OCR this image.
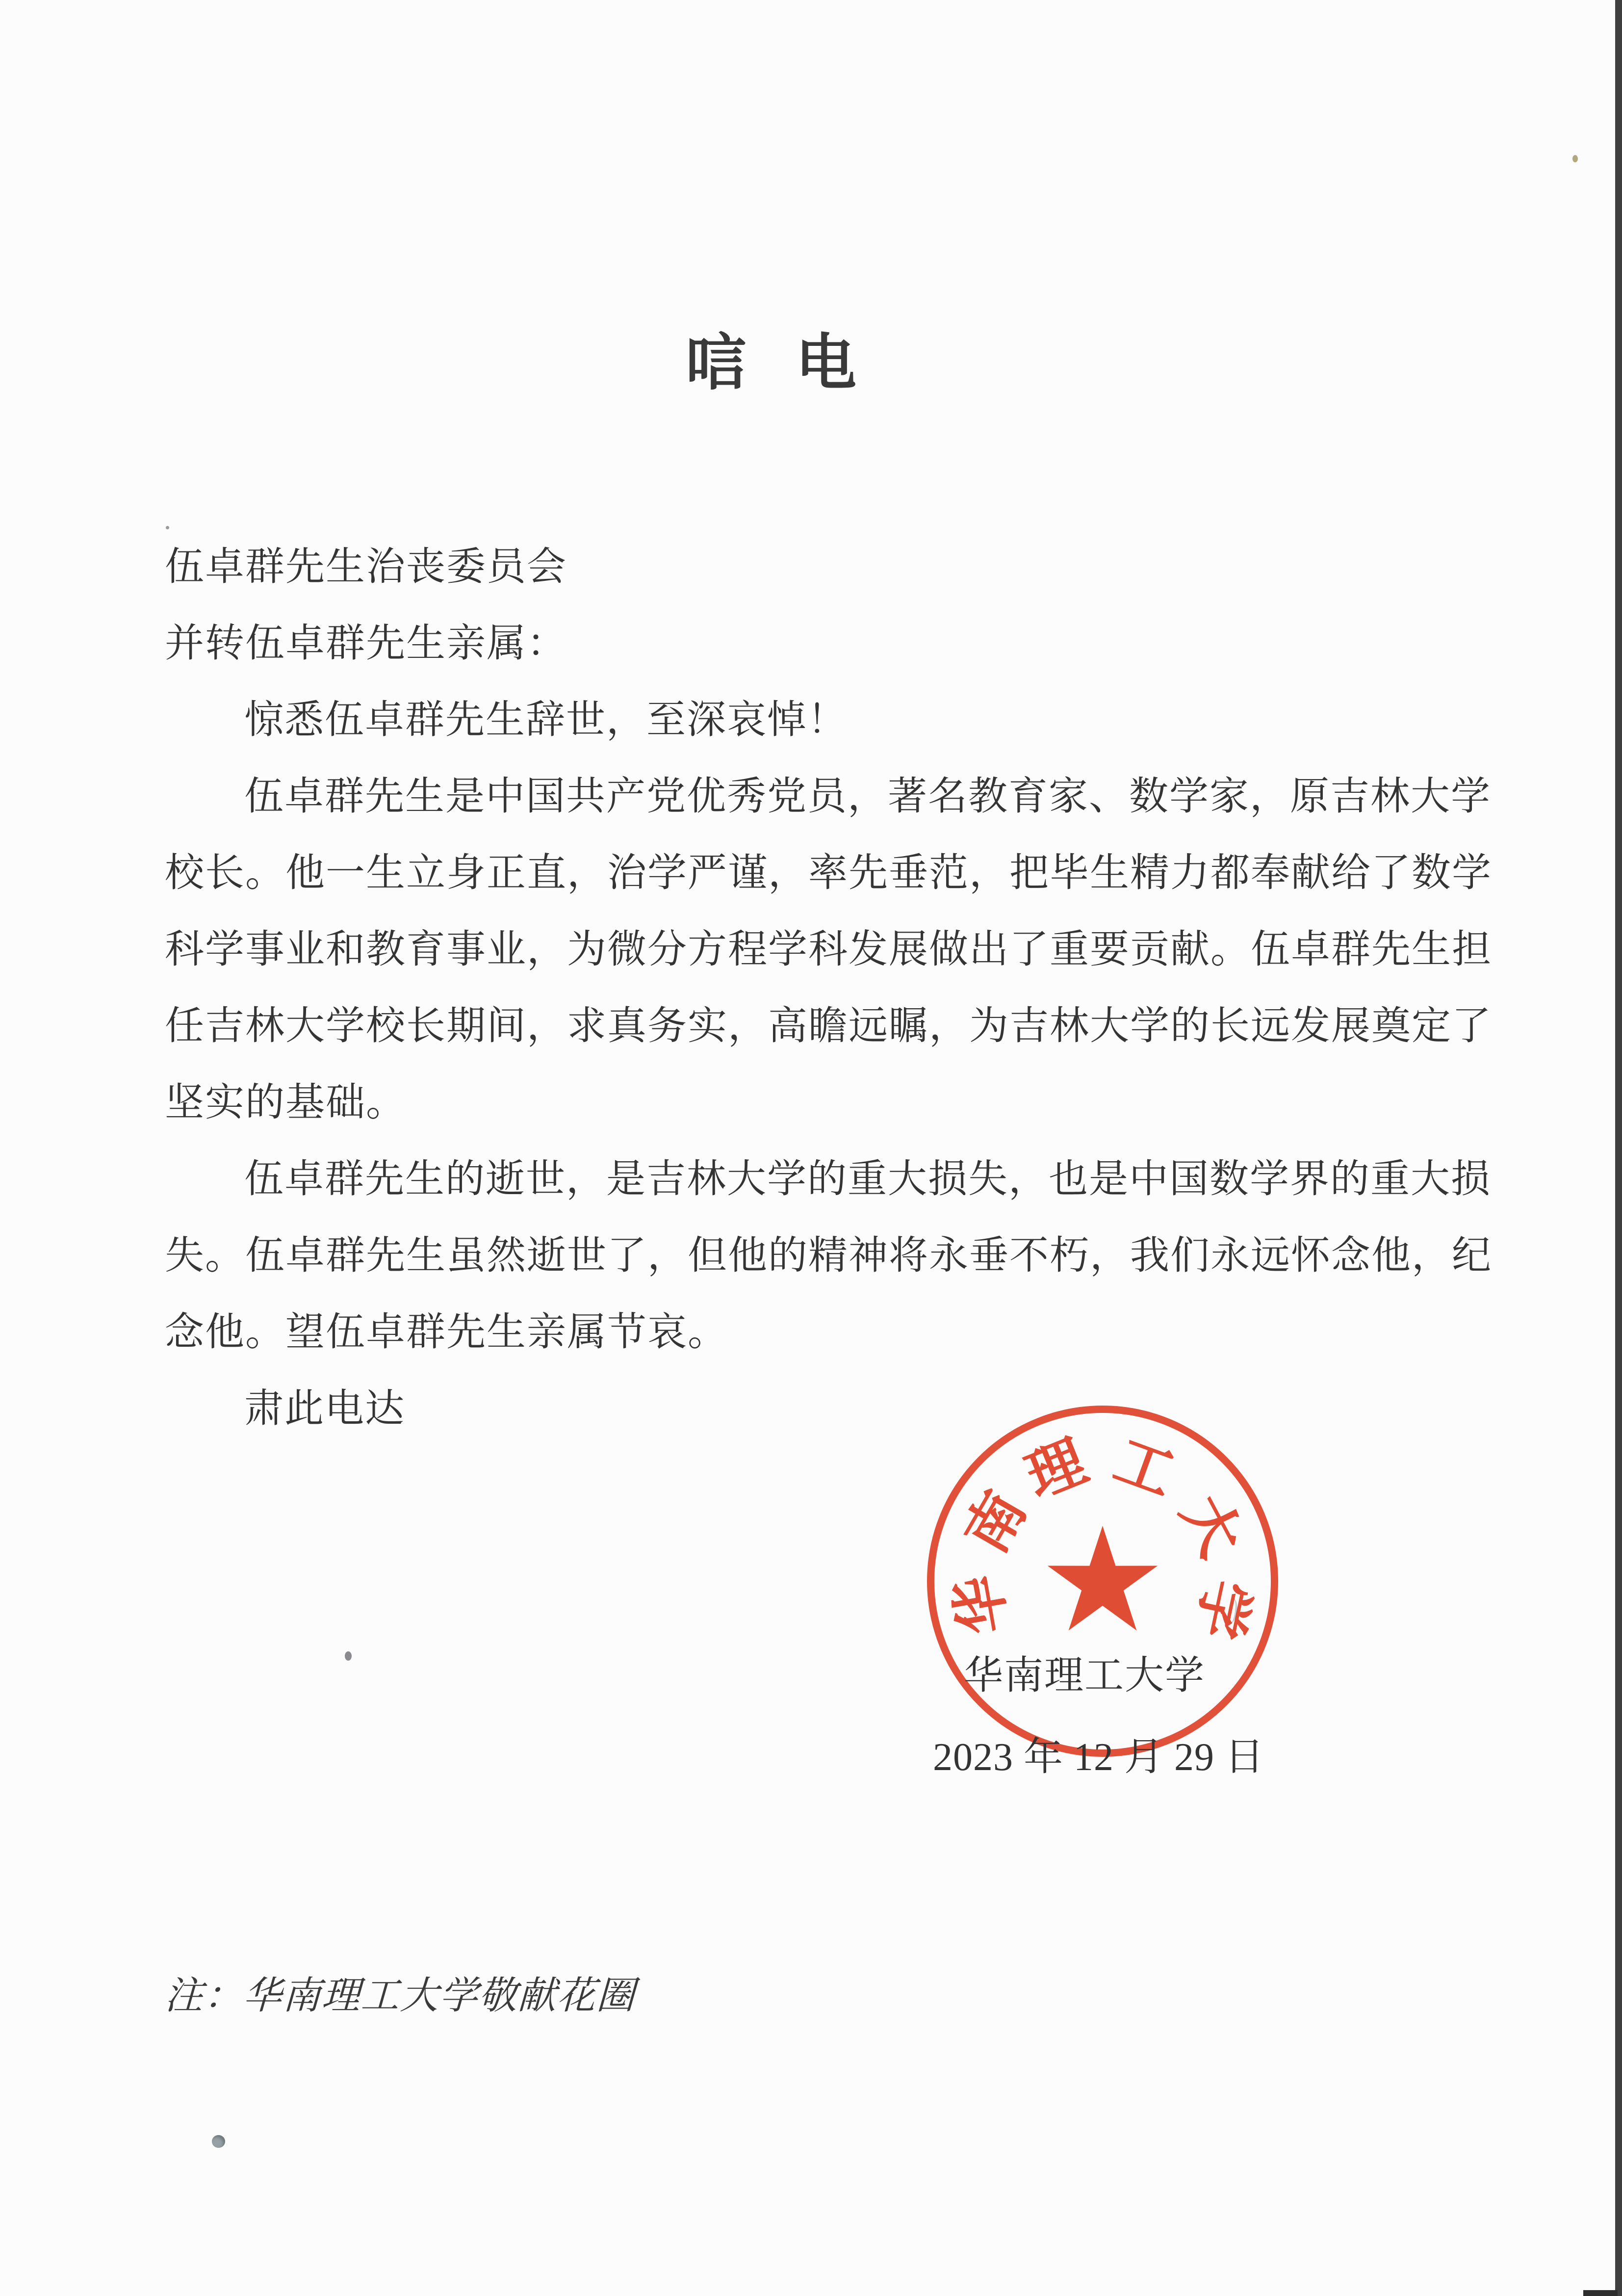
唁 电
伍卓群先生治丧委员会
并转伍卓群先生亲属：
惊悉伍卓群先生辞世，至深哀悼！
伍卓群先生是中国共产党优秀党员，著名教育家、数学家，原吉林大学
校长。他一生立身正直，治学严谨，率先垂范，把毕生精力都奉献给了数学
科学事业和教育事业，为微分方程学科发展做出了重要贡献。伍卓群先生担
任吉林大学校长期间，求真务实，高瞻远瞩，为吉林大学的长远发展奠定了
坚实的基础。
伍卓群先生的逝世，是吉林大学的重大损失，也是中国数学界的重大损
失。伍卓群先生虽然逝世了，但他的精神将永垂不朽，我们永远怀念他，纪
念他。望伍卓群先生亲属节哀。
肃此电达
华
南
理 工
大
学
华南理工大学
2023 年 12 月 29 日
注：华南理工大学敬献花圈
